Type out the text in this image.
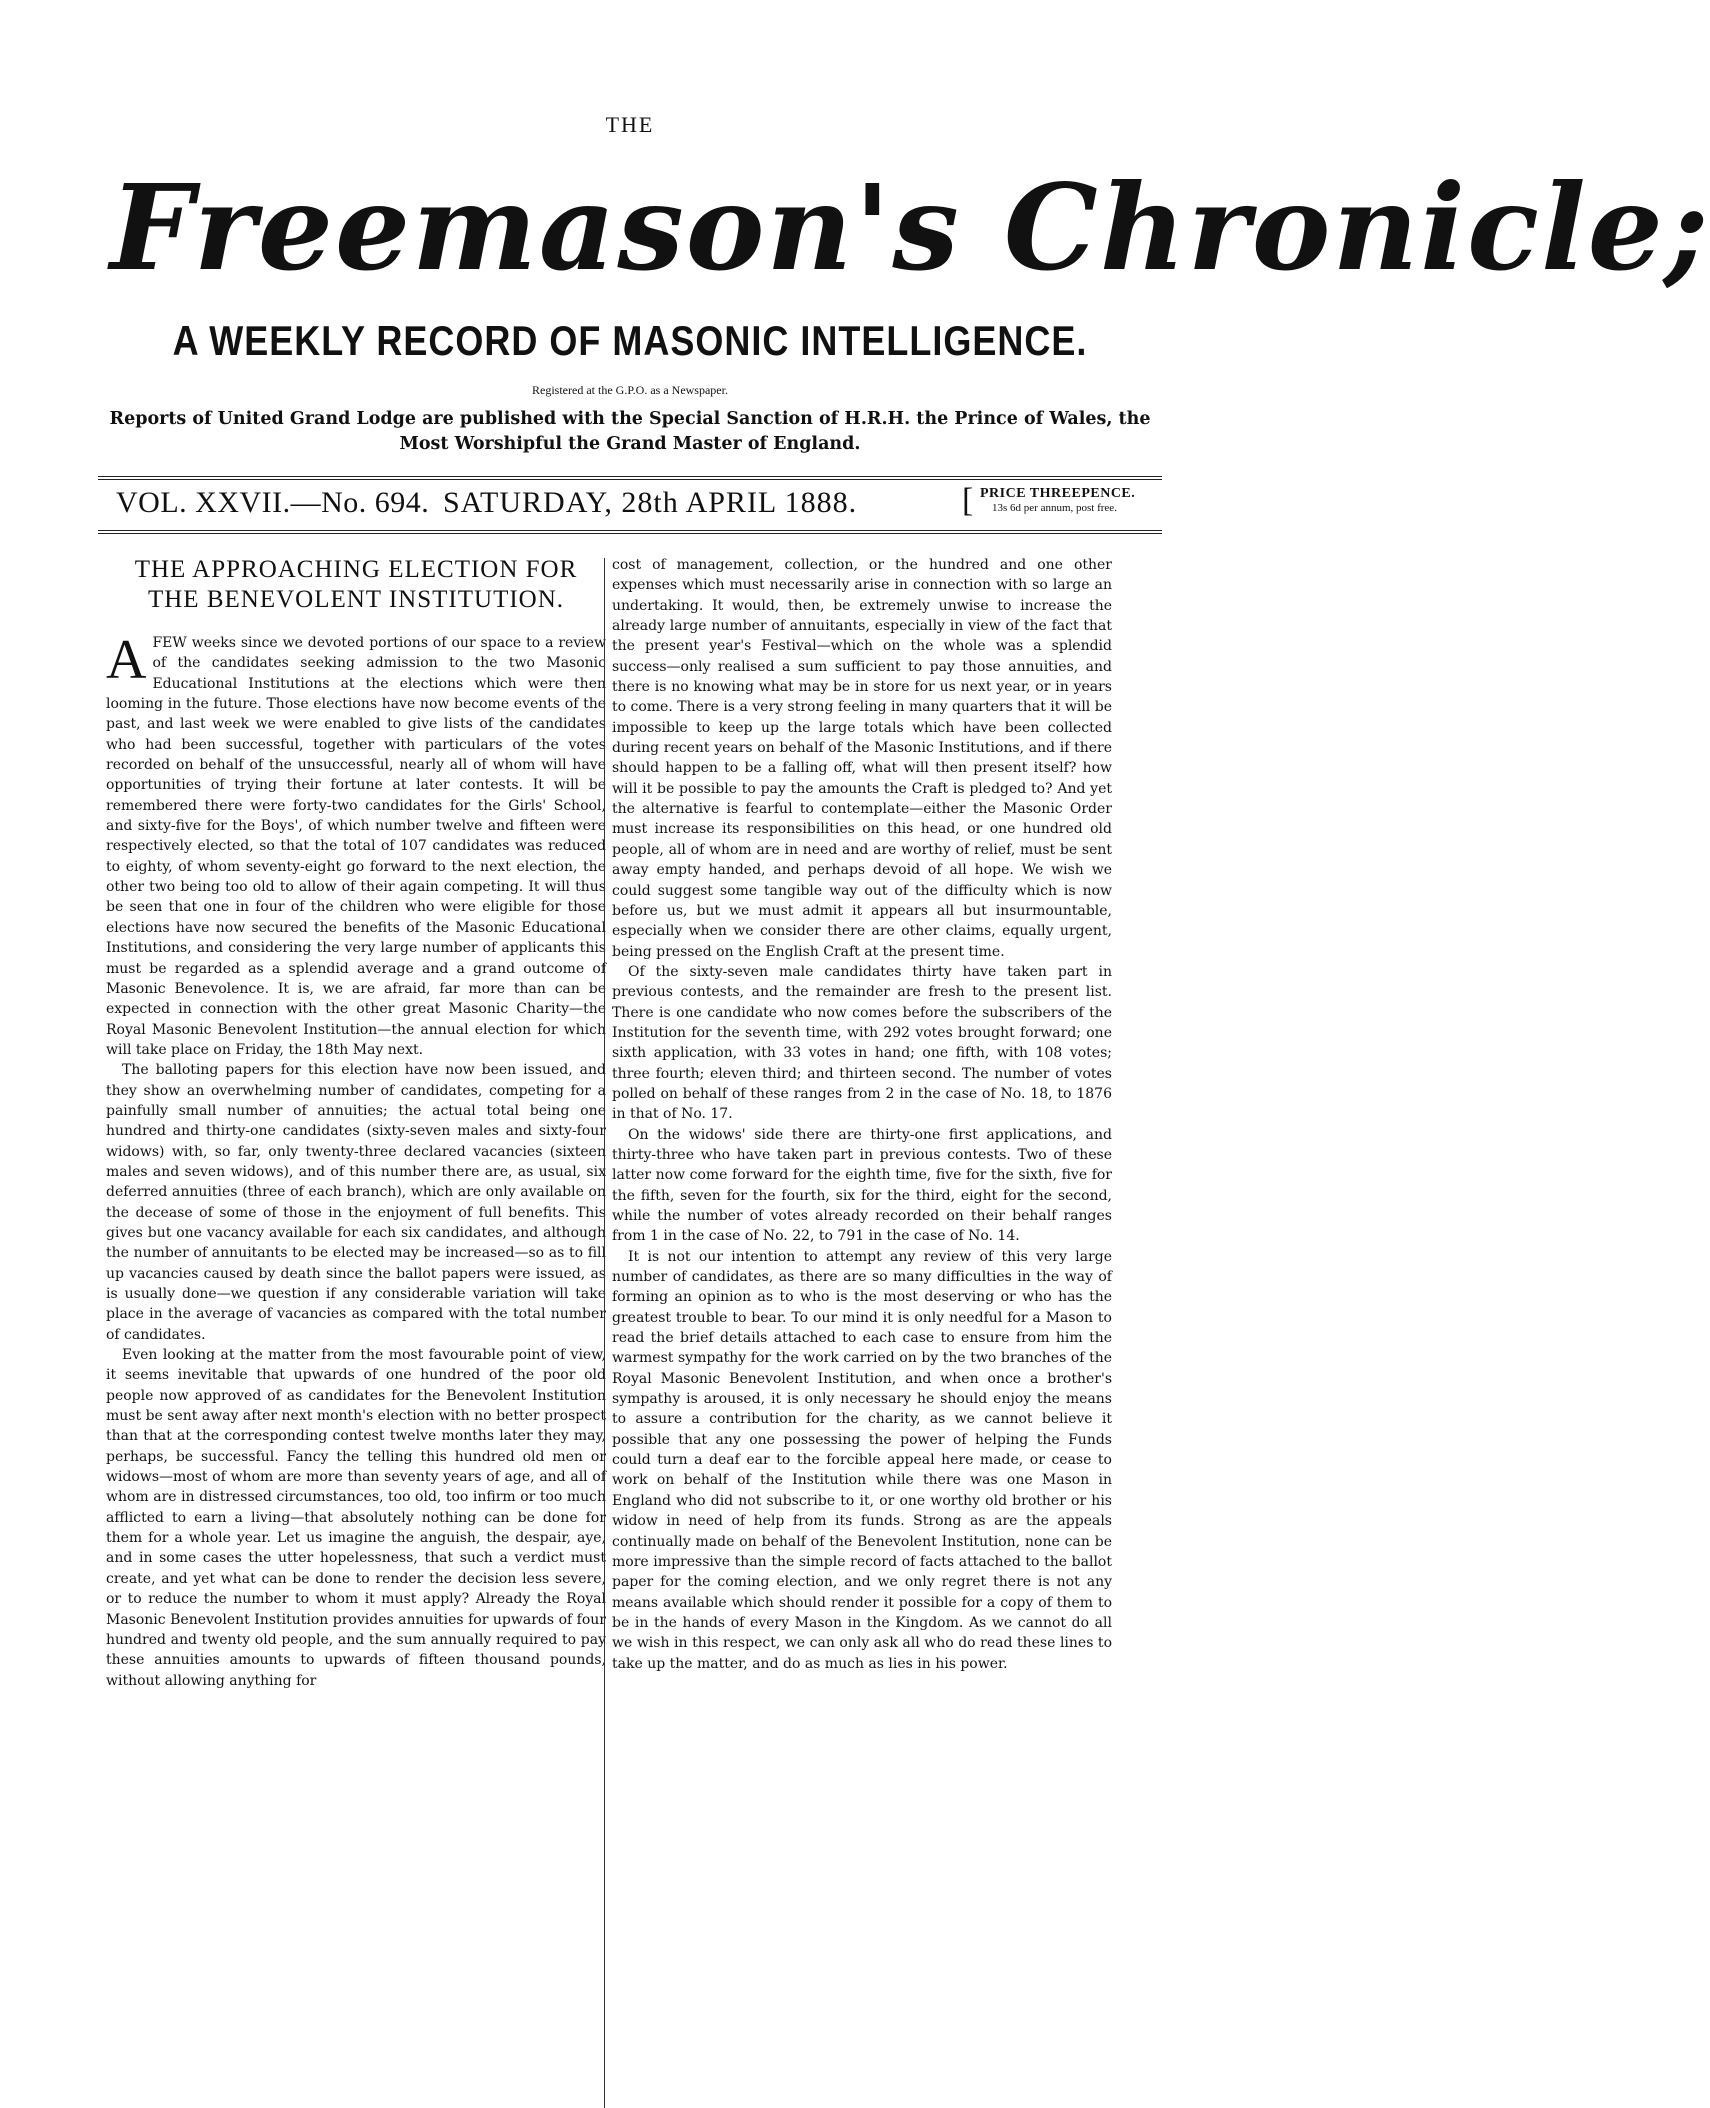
THE
Freemason's Chronicle;
A WEEKLY RECORD OF MASONIC INTELLIGENCE.
Registered at the G.P.O. as a Newspaper.
Reports of United Grand Lodge are published with the Special Sanction of H.R.H. the Prince of Wales, the Most Worshipful the Grand Master of England.
VOL. XXVII.—No. 694. SATURDAY, 28th APRIL 1888.	[ PRICE THREEPENCE.
13s 6d per annum, post free.
THE APPROACHING ELECTION FOR THE BENEVOLENT INSTITUTION.

A FEW weeks since we devoted portions of our space to a review of the candidates seeking admission to the two Masonic Educational Institutions at the elections which were then looming in the future. Those elections have now become events of the past, and last week we were enabled to give lists of the candidates who had been successful, together with particulars of the votes recorded on behalf of the unsuccessful, nearly all of whom will have opportunities of trying their fortune at later contests. It will be remembered there were forty-two candidates for the Girls' School, and sixty-five for the Boys', of which number twelve and fifteen were respectively elected, so that the total of 107 candidates was reduced to eighty, of whom seventy-eight go forward to the next election, the other two being too old to allow of their again competing. It will thus be seen that one in four of the children who were eligible for those elections have now secured the benefits of the Masonic Educational Institutions, and considering the very large number of applicants this must be regarded as a splendid average and a grand outcome of Masonic Benevolence. It is, we are afraid, far more than can be expected in connection with the other great Masonic Charity—the Royal Masonic Benevolent Institution—the annual election for which will take place on Friday, the 18th May next.

The balloting papers for this election have now been issued, and they show an overwhelming number of candidates, competing for a painfully small number of annuities; the actual total being one hundred and thirty-one candidates (sixty-seven males and sixty-four widows) with, so far, only twenty-three declared vacancies (sixteen males and seven widows), and of this number there are, as usual, six deferred annuities (three of each branch), which are only available on the decease of some of those in the enjoyment of full benefits. This gives but one vacancy available for each six candidates, and although the number of annuitants to be elected may be increased—so as to fill up vacancies caused by death since the ballot papers were issued, as is usually done—we question if any considerable variation will take place in the average of vacancies as compared with the total number of candidates.

Even looking at the matter from the most favourable point of view, it seems inevitable that upwards of one hundred of the poor old people now approved of as candidates for the Benevolent Institution must be sent away after next month's election with no better prospect than that at the corresponding contest twelve months later they may, perhaps, be successful. Fancy the telling this hundred old men or widows—most of whom are more than seventy years of age, and all of whom are in distressed circumstances, too old, too infirm or too much afflicted to earn a living—that absolutely nothing can be done for them for a whole year. Let us imagine the anguish, the despair, aye, and in some cases the utter hopelessness, that such a verdict must create, and yet what can be done to render the decision less severe, or to reduce the number to whom it must apply? Already the Royal Masonic Benevolent Institution provides annuities for upwards of four hundred and twenty old people, and the sum annually required to pay these annuities amounts to upwards of fifteen thousand pounds, without allowing anything for

cost of management, collection, or the hundred and one other expenses which must necessarily arise in connection with so large an undertaking. It would, then, be extremely unwise to increase the already large number of annuitants, especially in view of the fact that the present year's Festival—which on the whole was a splendid success—only realised a sum sufficient to pay those annuities, and there is no knowing what may be in store for us next year, or in years to come. There is a very strong feeling in many quarters that it will be impossible to keep up the large totals which have been collected during recent years on behalf of the Masonic Institutions, and if there should happen to be a falling off, what will then present itself? how will it be possible to pay the amounts the Craft is pledged to? And yet the alternative is fearful to contemplate—either the Masonic Order must increase its responsibilities on this head, or one hundred old people, all of whom are in need and are worthy of relief, must be sent away empty handed, and perhaps devoid of all hope. We wish we could suggest some tangible way out of the difficulty which is now before us, but we must admit it appears all but insurmountable, especially when we consider there are other claims, equally urgent, being pressed on the English Craft at the present time.

Of the sixty-seven male candidates thirty have taken part in previous contests, and the remainder are fresh to the present list. There is one candidate who now comes before the subscribers of the Institution for the seventh time, with 292 votes brought forward; one sixth application, with 33 votes in hand; one fifth, with 108 votes; three fourth; eleven third; and thirteen second. The number of votes polled on behalf of these ranges from 2 in the case of No. 18, to 1876 in that of No. 17.

On the widows' side there are thirty-one first applications, and thirty-three who have taken part in previous contests. Two of these latter now come forward for the eighth time, five for the sixth, five for the fifth, seven for the fourth, six for the third, eight for the second, while the number of votes already recorded on their behalf ranges from 1 in the case of No. 22, to 791 in the case of No. 14.

It is not our intention to attempt any review of this very large number of candidates, as there are so many difficulties in the way of forming an opinion as to who is the most deserving or who has the greatest trouble to bear. To our mind it is only needful for a Mason to read the brief details attached to each case to ensure from him the warmest sympathy for the work carried on by the two branches of the Royal Masonic Benevolent Institution, and when once a brother's sympathy is aroused, it is only necessary he should enjoy the means to assure a contribution for the charity, as we cannot believe it possible that any one possessing the power of helping the Funds could turn a deaf ear to the forcible appeal here made, or cease to work on behalf of the Institution while there was one Mason in England who did not subscribe to it, or one worthy old brother or his widow in need of help from its funds. Strong as are the appeals continually made on behalf of the Benevolent Institution, none can be more impressive than the simple record of facts attached to the ballot paper for the coming election, and we only regret there is not any means available which should render it possible for a copy of them to be in the hands of every Mason in the Kingdom. As we cannot do all we wish in this respect, we can only ask all who do read these lines to take up the matter, and do as much as lies in his power.
